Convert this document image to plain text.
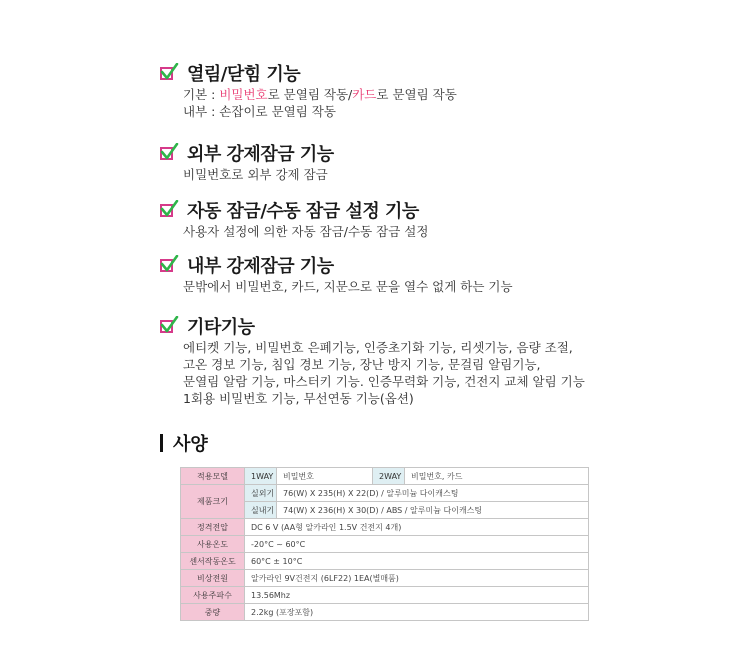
열림/닫힘 기능
기본 : 비밀번호로 문열림 작동/카드로 문열림 작동
내부 : 손잡이로 문열림 작동
외부 강제잠금 기능
비밀번호로 외부 강제 잠금
자동 잠금/수동 잠금 설정 기능
사용자 설정에 의한 자동 잠금/수동 잠금 설정
내부 강제잠금 기능
문밖에서 비밀번호, 카드, 지문으로 문을 열수 없게 하는 기능
기타기능
에티켓 기능, 비밀번호 은폐기능, 인증초기화 기능, 리셋기능, 음량 조절,
고온 경보 기능, 침입 경보 기능, 장난 방지 기능, 문걸림 알림기능,
문열림 알람 기능, 마스터키 기능. 인증무력화 기능, 건전지 교체 알림 기능
1회용 비밀번호 기능, 무선연동 기능(옵션)
사양
적용모델	1WAY	비밀번호	2WAY	비밀번호, 카드
제품크기	실외기	76(W) X 235(H) X 22(D) / 알루미늄 다이캐스팅		
	실내기	74(W) X 236(H) X 30(D) / ABS / 알루미늄 다이캐스팅		
정격전압	DC 6 V (AA형 알카라인 1.5V 건전지 4개)			
사용온도	-20°C ~ 60°C			
센서작동온도	60°C ± 10°C			
비상전원	알카라인 9V건전지 (6LF22) 1EA(별매품)			
사용주파수	13.56Mhz			
중량	2.2kg (포장포함)			
